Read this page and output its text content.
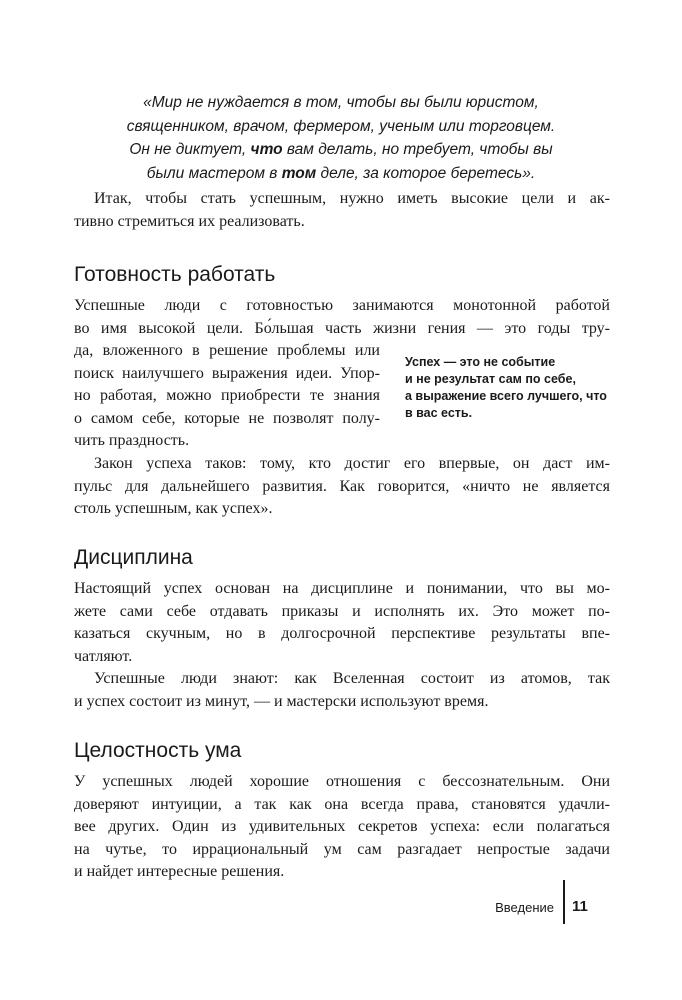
«Мир не нуждается в том, чтобы вы были юристом,
священником, врачом, фермером, ученым или торговцем.
Он не диктует, что вам делать, но требует, чтобы вы
были мастером в том деле, за которое беретесь».
Итак, чтобы стать успешным, нужно иметь высокие цели и ак-
тивно стремиться их реализовать.
Готовность работать
Успешные люди с готовностью занимаются монотонной работой
во имя высокой цели. Бо́льшая часть жизни гения — это годы тру-
да, вложенного в решение проблемы или
поиск наилучшего выражения идеи. Упор-
но работая, можно приобрести те знания
о самом себе, которые не позволят полу-
чить праздность.
Успех — это не событие
и не результат сам по себе,
а выражение всего лучшего, что
в вас есть.
Закон успеха таков: тому, кто достиг его впервые, он даст им-
пульс для дальнейшего развития. Как говорится, «ничто не является
столь успешным, как успех».
Дисциплина
Настоящий успех основан на дисциплине и понимании, что вы мо-
жете сами себе отдавать приказы и исполнять их. Это может по-
казаться скучным, но в долгосрочной перспективе результаты впе-
чатляют.
Успешные люди знают: как Вселенная состоит из атомов, так
и успех состоит из минут, — и мастерски используют время.
Целостность ума
У успешных людей хорошие отношения с бессознательным. Они
доверяют интуиции, а так как она всегда права, становятся удачли-
вее других. Один из удивительных секретов успеха: если полагаться
на чутье, то иррациональный ум сам разгадает непростые задачи
и найдет интересные решения.
Введение 11
